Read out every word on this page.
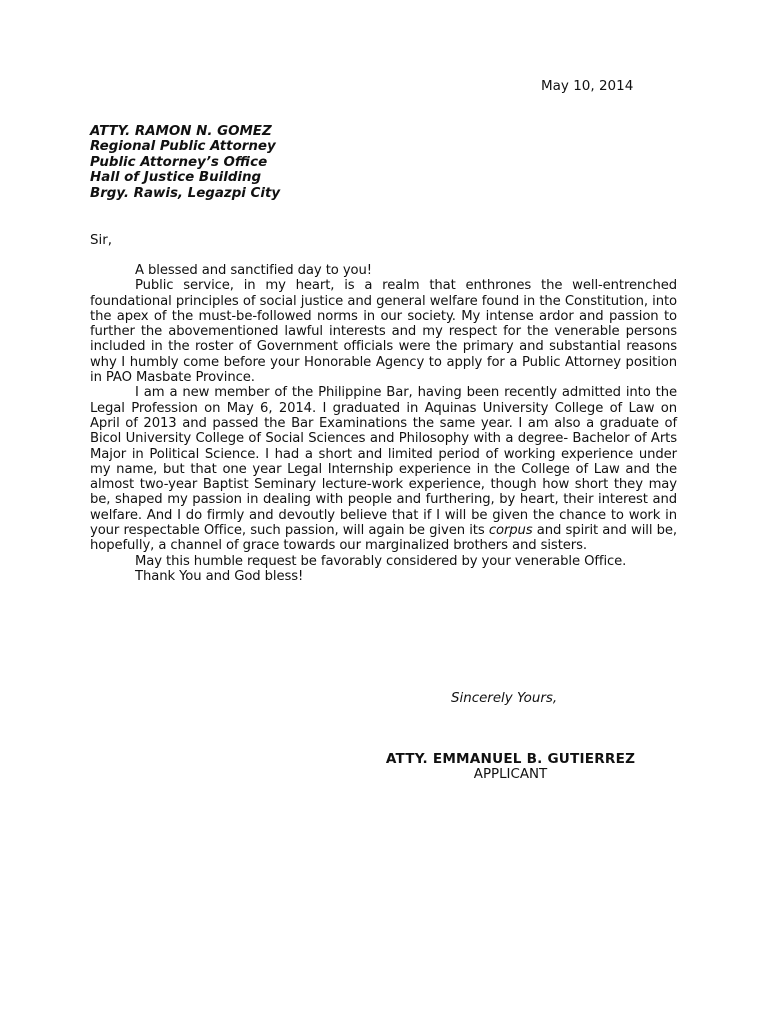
May 10, 2014
ATTY. RAMON N. GOMEZ
Regional Public Attorney
Public Attorney’s Office
Hall of Justice Building
Brgy. Rawis, Legazpi City
Sir,

A blessed and sanctified day to you!

Public service, in my heart, is a realm that enthrones the well-entrenched foundational principles of social justice and general welfare found in the Constitution, into the apex of the must-be-followed norms in our society. My intense ardor and passion to further the abovementioned lawful interests and my respect for the venerable persons included in the roster of Government officials were the primary and substantial reasons why I humbly come before your Honorable Agency to apply for a Public Attorney position in PAO Masbate Province.

I am a new member of the Philippine Bar, having been recently admitted into the Legal Profession on May 6, 2014. I graduated in Aquinas University College of Law on April of 2013 and passed the Bar Examinations the same year. I am also a graduate of Bicol University College of Social Sciences and Philosophy with a degree- Bachelor of Arts Major in Political Science. I had a short and limited period of working experience under my name, but that one year Legal Internship experience in the College of Law and the almost two-year Baptist Seminary lecture-work experience, though how short they may be, shaped my passion in dealing with people and furthering, by heart, their interest and welfare. And I do firmly and devoutly believe that if I will be given the chance to work in your respectable Office, such passion, will again be given its corpus and spirit and will be, hopefully, a channel of grace towards our marginalized brothers and sisters.

May this humble request be favorably considered by your venerable Office.

Thank You and God bless!

Sincerely Yours,
ATTY. EMMANUEL B. GUTIERREZ
APPLICANT
